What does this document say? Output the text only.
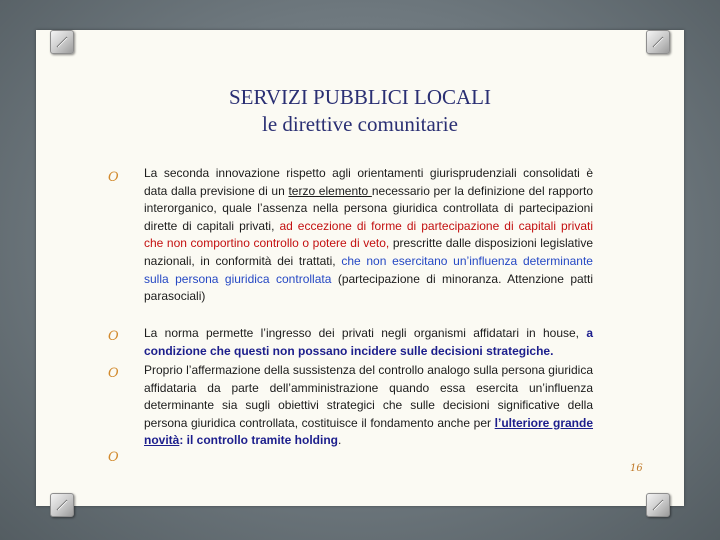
SERVIZI PUBBLICI LOCALI
le direttive comunitarie
O La seconda innovazione rispetto agli orientamenti giurisprudenziali consolidati è data dalla previsione di un terzo elemento necessario per la definizione del rapporto interorganico, quale l’assenza nella persona giuridica controllata di partecipazioni dirette di capitali privati, ad eccezione di forme di partecipazione di capitali privati che non comportino controllo o potere di veto, prescritte dalle disposizioni legislative nazionali, in conformità dei trattati, che non esercitano un’influenza determinante sulla persona giuridica controllata (partecipazione di minoranza. Attenzione patti parasociali)
O La norma permette l’ingresso dei privati negli organismi affidatari in house, a condizione che questi non possano incidere sulle decisioni strategiche.
O Proprio l’affermazione della sussistenza del controllo analogo sulla persona giuridica affidataria da parte dell’amministrazione quando essa esercita un’influenza determinante sia sugli obiettivi strategici che sulle decisioni significative della persona giuridica controllata, costituisce il fondamento anche per l’ulteriore grande novità: il controllo tramite holding.
O
16
